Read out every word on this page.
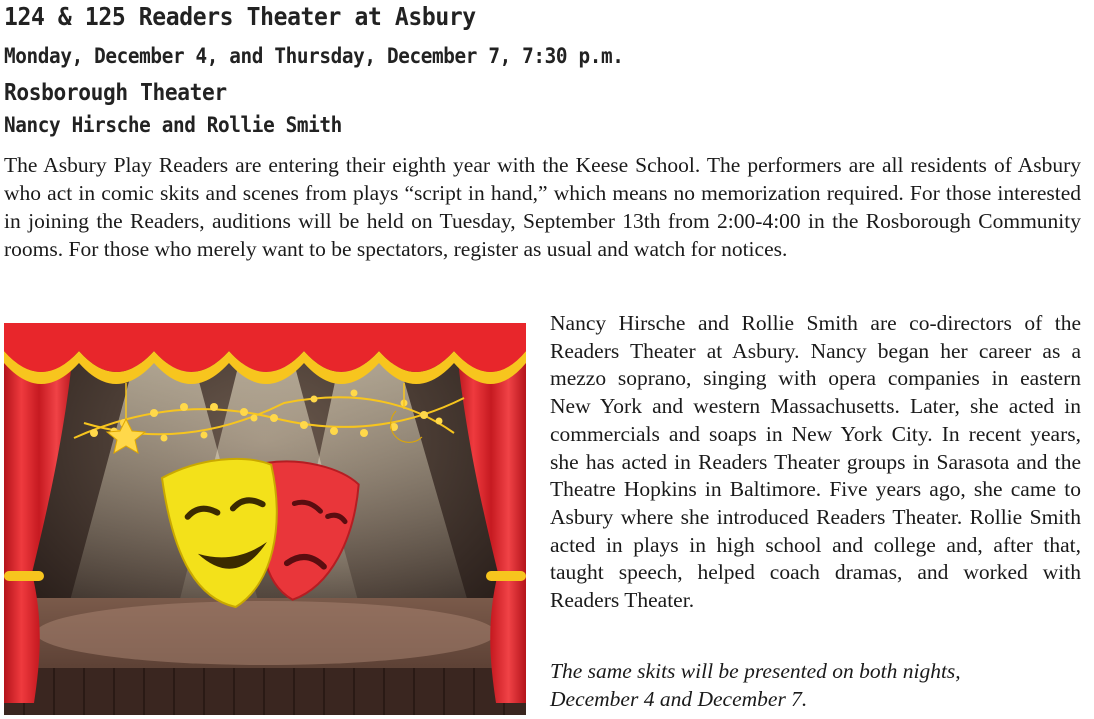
124 & 125 Readers Theater at Asbury
Monday, December 4, and Thursday, December 7, 7:30 p.m.
Rosborough Theater
Nancy Hirsche and Rollie Smith

The Asbury Play Readers are entering their eighth year with the Keese School. The performers are all residents of Asbury who act in comic skits and scenes from plays “script in hand,” which means no memorization required. For those interested in joining the Readers, auditions will be held on Tuesday, September 13th from 2:00-4:00 in the Rosborough Community rooms. For those who merely want to be spectators, register as usual and watch for notices.

Nancy Hirsche and Rollie Smith are co-directors of the Readers Theater at Asbury. Nancy began her career as a mezzo soprano, singing with opera companies in eastern New York and western Massachusetts. Later, she acted in commercials and soaps in New York City. In recent years, she has acted in Readers Theater groups in Sarasota and the Theatre Hopkins in Baltimore. Five years ago, she came to Asbury where she introduced Readers Theater. Rollie Smith acted in plays in high school and college and, after that, taught speech, helped coach dramas, and worked with Readers Theater.

The same skits will be presented on both nights,
December 4 and December 7.
